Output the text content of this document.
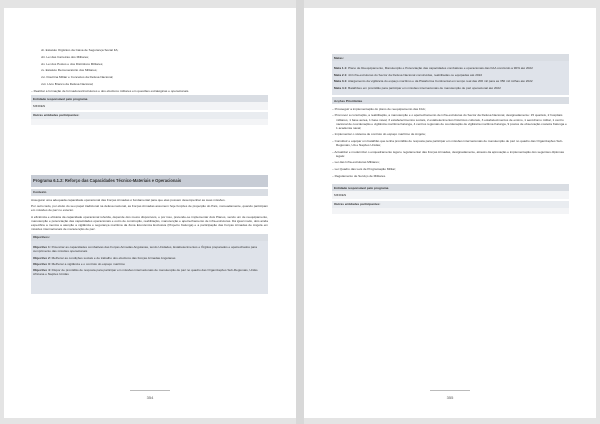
xii. Estatuto Orgânico da Caixa de Segurança Social FA;
xiii. Lei das Carreiras dos Militares;
xiv. Lei dos Postos e dos Distintivos Militares;
xv. Estatuto Remuneratório dos Militares;
xvi. Doutrina Militar e Conceitos da Defesa Nacional;
xvii. Livro Branco da Defesa Nacional;
– Realizar a formação de formadores/instrutores e dos efectivos militares em questões estratégicas e operacionais.
Entidade responsável pelo programa
MINDEN
Outras entidades participantes:
Programa 6.1.2: Reforço das Capacidades Técnico-Materiais e Operacionais
Contexto
Assegurar uma adequada capacidade operacional das Forças Armadas é fundamental para que elas possam desempenhar as suas missões.
Por outro lado, por efeito do seu papel tradicional na defesa nacional, as Forças Armadas assumem hoje funções de projecção do País, nomeadamente, quando participam em missões de paz no exterior.
A eficiência e eficácia da capacidade operacional referida, depende dos meios disponíveis, e por isso, pretende-se implementar dois Planos, sendo um de reequipamento, manutenção e potenciação das capacidades operacionais e outro de construção, reabilitação, manutenção e apetrechamento de infra-estruturas. Dá igual modo, dois ainda especifica a mentos a atenção a vigilância e segurança marítima da Zona Económica Exclusiva (Projecto Kalunga) e a participação das Forças Armadas de Angola em missões internacionais de manutenção de paz.
Objectivos:
Objectivo 1: Potenciar as capacidades combativas das Forças Armadas Angolanas, tendo Unidades, Estabelecimentos e Órgãos preparados e apetrechados para cumprimento das missões operacionais
Objectivo 2: Melhorar as condições sociais e de trabalho dos efectivos das Forças Armadas Angolanas
Objectivo 3: Melhorar a vigilância e o controlo do espaço marítimo
Objectivo 4: Dispor de prontidão de resposta para participar em missões internacionais de manutenção de paz no quadro das Organizações Sub-Regionais, União Africana e Nações Unidas
354
Metas:
Meta 1.1: Plano de Reequipamento, Manutenção e Potenciação das capacidades combativas e operacionais das FAA concluído a 90% até 2022
Meta 2.1: 44 Infra-estruturas do Sector da Defesa Nacional construídas, reabilitadas ou equipadas até 2022
Meta 3.1: Alargamento da vigilância do espaço marítimo e da Plataforma Continental em tempo real das 200 mil para as 350 mil milhas até 2022
Meta 4.1: Batalhões em prontidão para participar em missões internacionais de manutenção de paz operacional até 2022
Acções Prioritárias
– Prosseguir a implementação do plano de reequipamento das FAA;
– Promover a construção, a reabilitação, a manutenção e o apetrechamento de infra-estruturas do Sector da Defesa Nacional, designadamente: 15 quartéis, 2 hospitais militares, 1 base aérea, 1 base naval, 3 estabelecimentos sociais, 2 estabelecimentos históricos culturais, 3 estabelecimentos de ensino, 1 aeródromo militar, 1 centro nacional de coordenação e vigilância marítima Kalunga, 4 centros regionais de coordenação de vigilância marítima Kalunga, 9 postos de observação costeira Kalunga e 1 academia naval;
– Implementar o sistema de controlo do espaço marítimo de Angola;
– Constituir e equipar um batalhão que tenha prontidão de resposta para participar em missões internacionais de manutenção de paz no quadro das Organizações Sub-Regionais, UA e Nações Unidas;
– Actualizar e modernizar o enquadramento legal e regulamentar das Forças Armadas, designadamente, através da aprovação e implementação dos seguintes diplomas legais:
– Lei das Infra-estruturas Militares;
– Lei Quadro das Leis de Programação Militar;
– Regulamento de Serviço de Militares.
Entidade responsável pelo programa
MINDEN
Outras entidades participantes:
355
